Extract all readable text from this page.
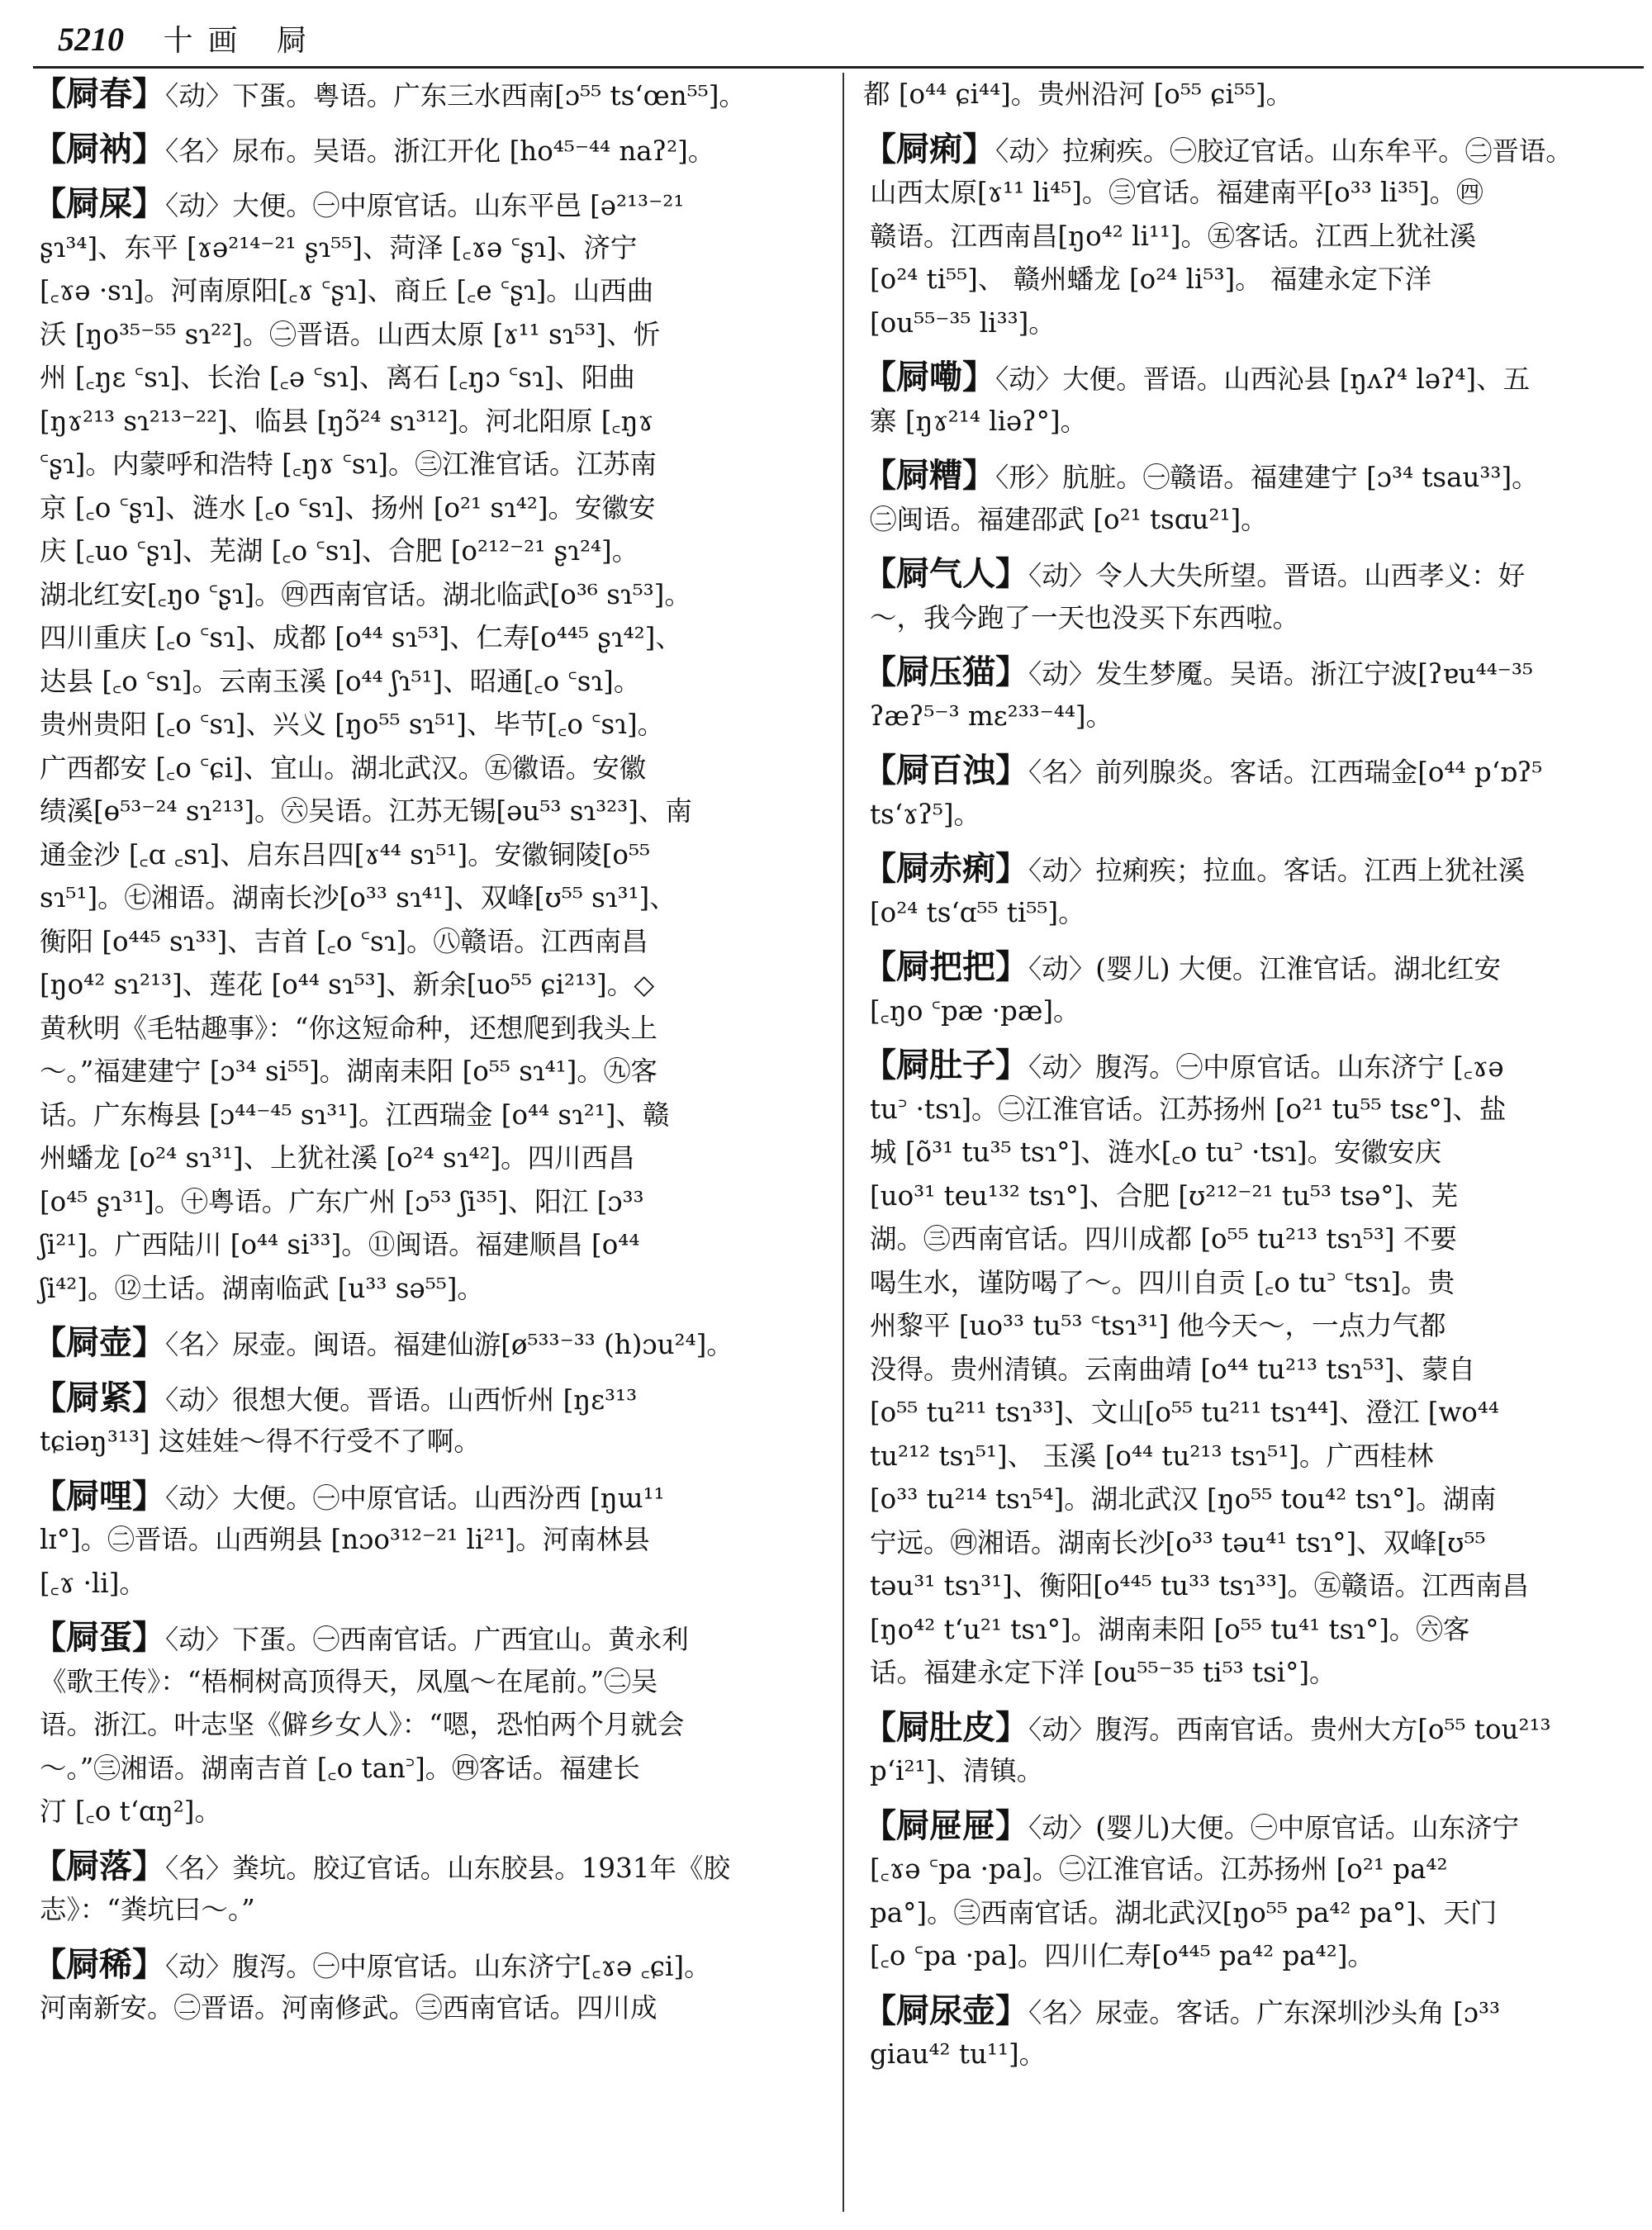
5210 十画 屙
【屙春】〈动〉下蛋。粤语。广东三水西南[ɔ⁵⁵ tsʻœn⁵⁵]。
【屙衲】〈名〉尿布。吴语。浙江开化 [ho⁴⁵⁻⁴⁴ naʔ²]。
【屙屎】〈动〉大便。㊀中原官话。山东平邑 [ə²¹³⁻²¹
ʂɿ³⁴]、东平 [ɤə²¹⁴⁻²¹ ʂɿ⁵⁵]、菏泽 [꜀ɤə ꜂ʂɿ]、济宁
[꜀ɤə ·sɿ]。河南原阳[꜀ɤ ꜂ʂɿ]、商丘 [꜀e ꜂ʂɿ]。山西曲
沃 [ŋo³⁵⁻⁵⁵ sɿ²²]。㊁晋语。山西太原 [ɤ¹¹ sɿ⁵³]、忻
州 [꜀ŋɛ ꜂sɿ]、长治 [꜀ə ꜂sɿ]、离石 [꜀ŋɔ ꜂sɿ]、阳曲
[ŋɤ²¹³ sɿ²¹³⁻²²]、临县 [ŋɔ̃²⁴ sɿ³¹²]。河北阳原 [꜀ŋɤ
꜂ʂɿ]。内蒙呼和浩特 [꜀ŋɤ ꜂sɿ]。㊂江淮官话。江苏南
京 [꜀o ꜂ʂɿ]、涟水 [꜀o ꜂sɿ]、扬州 [o²¹ sɿ⁴²]。安徽安
庆 [꜀uo ꜂ʂɿ]、芜湖 [꜀o ꜂sɿ]、合肥 [o²¹²⁻²¹ ʂɿ²⁴]。
湖北红安[꜀ŋo ꜂ʂɿ]。㊃西南官话。湖北临武[o³⁶ sɿ⁵³]。
四川重庆 [꜀o ꜂sɿ]、成都 [o⁴⁴ sɿ⁵³]、仁寿[o⁴⁴⁵ ʂɿ⁴²]、
达县 [꜀o ꜂sɿ]。云南玉溪 [o⁴⁴ ʃɿ⁵¹]、昭通[꜀o ꜂sɿ]。
贵州贵阳 [꜀o ꜂sɿ]、兴义 [ŋo⁵⁵ sɿ⁵¹]、毕节[꜀o ꜂sɿ]。
广西都安 [꜀o ꜂ɕi]、宜山。湖北武汉。㊄徽语。安徽
绩溪[ɵ⁵³⁻²⁴ sɿ²¹³]。㊅吴语。江苏无锡[əu⁵³ sɿ³²³]、南
通金沙 [꜀ɑ ꜀sɿ]、启东吕四[ɤ⁴⁴ sɿ⁵¹]。安徽铜陵[o⁵⁵
sɿ⁵¹]。㊆湘语。湖南长沙[o³³ sɿ⁴¹]、双峰[ʊ⁵⁵ sɿ³¹]、
衡阳 [o⁴⁴⁵ sɿ³³]、吉首 [꜀o ꜂sɿ]。㊇赣语。江西南昌
[ŋo⁴² sɿ²¹³]、莲花 [o⁴⁴ sɿ⁵³]、新余[uo⁵⁵ ɕi²¹³]。◇
黄秋明《毛牯趣事》：“你这短命种，还想爬到我头上
～。”福建建宁 [ɔ³⁴ si⁵⁵]。湖南耒阳 [o⁵⁵ sɿ⁴¹]。㊈客
话。广东梅县 [ɔ⁴⁴⁻⁴⁵ sɿ³¹]。江西瑞金 [o⁴⁴ sɿ²¹]、赣
州蟠龙 [o²⁴ sɿ³¹]、上犹社溪 [o²⁴ sɿ⁴²]。四川西昌
[o⁴⁵ ʂɿ³¹]。㊉粤语。广东广州 [ɔ⁵³ ʃi³⁵]、阳江 [ɔ³³
ʃi²¹]。广西陆川 [o⁴⁴ si³³]。⑪闽语。福建顺昌 [o⁴⁴
ʃi⁴²]。⑫土话。湖南临武 [u³³ sə⁵⁵]。
【屙壶】〈名〉尿壶。闽语。福建仙游[ø⁵³³⁻³³ (h)ɔu²⁴]。
【屙紧】〈动〉很想大便。晋语。山西忻州 [ŋɛ³¹³
tɕiəŋ³¹³] 这娃娃～得不行受不了啊。
【屙哩】〈动〉大便。㊀中原官话。山西汾西 [ŋɯ¹¹
lɪ°]。㊁晋语。山西朔县 [nɔo³¹²⁻²¹ li²¹]。河南林县
[꜀ɤ ·li]。
【屙蛋】〈动〉下蛋。㊀西南官话。广西宜山。黄永利
《歌王传》：“梧桐树高顶得天，凤凰～在尾前。”㊁吴
语。浙江。叶志坚《僻乡女人》：“嗯，恐怕两个月就会
～。”㊂湘语。湖南吉首 [꜀o tan꜄]。㊃客话。福建长
汀 [꜀o tʻɑŋ²]。
【屙落】〈名〉粪坑。胶辽官话。山东胶县。1931年《胶
志》：“粪坑曰～。”
【屙稀】〈动〉腹泻。㊀中原官话。山东济宁[꜀ɤə ꜀ɕi]。
河南新安。㊁晋语。河南修武。㊂西南官话。四川成
都 [o⁴⁴ ɕi⁴⁴]。贵州沿河 [o⁵⁵ ɕi⁵⁵]。
【屙痢】〈动〉拉痢疾。㊀胶辽官话。山东牟平。㊁晋语。
山西太原[ɤ¹¹ li⁴⁵]。㊂官话。福建南平[o³³ li³⁵]。㊃
赣语。江西南昌[ŋo⁴² li¹¹]。㊄客话。江西上犹社溪
[o²⁴ ti⁵⁵]、 赣州蟠龙 [o²⁴ li⁵³]。 福建永定下洋
[ou⁵⁵⁻³⁵ li³³]。
【屙嘞】〈动〉大便。晋语。山西沁县 [ŋʌʔ⁴ ləʔ⁴]、五
寨 [ŋɤ²¹⁴ liəʔ°]。
【屙糟】〈形〉肮脏。㊀赣语。福建建宁 [ɔ³⁴ tsau³³]。
㊁闽语。福建邵武 [o²¹ tsɑu²¹]。
【屙气人】〈动〉令人大失所望。晋语。山西孝义：好
～，我今跑了一天也没买下东西啦。
【屙压猫】〈动〉发生梦魇。吴语。浙江宁波[ʔɐu⁴⁴⁻³⁵
ʔæʔ⁵⁻³ mɛ²³³⁻⁴⁴]。
【屙百浊】〈名〉前列腺炎。客话。江西瑞金[o⁴⁴ pʻɒʔ⁵
tsʻɤʔ⁵]。
【屙赤痢】〈动〉拉痢疾；拉血。客话。江西上犹社溪
[o²⁴ tsʻɑ⁵⁵ ti⁵⁵]。
【屙把把】〈动〉(婴儿) 大便。江淮官话。湖北红安
[꜀ŋo ꜂pæ ·pæ]。
【屙肚子】〈动〉腹泻。㊀中原官话。山东济宁 [꜀ɤə
tu꜄ ·tsɿ]。㊁江淮官话。江苏扬州 [o²¹ tu⁵⁵ tsɛ°]、盐
城 [õ³¹ tu³⁵ tsɿ°]、涟水[꜀o tu꜄ ·tsɿ]。安徽安庆
[uo³¹ teu¹³² tsɿ°]、合肥 [ʊ²¹²⁻²¹ tu⁵³ tsə°]、芜
湖。㊂西南官话。四川成都 [o⁵⁵ tu²¹³ tsɿ⁵³] 不要
喝生水，谨防喝了～。四川自贡 [꜀o tu꜄ ꜂tsɿ]。贵
州黎平 [uo³³ tu⁵³ ꜂tsɿ³¹] 他今天～，一点力气都
没得。贵州清镇。云南曲靖 [o⁴⁴ tu²¹³ tsɿ⁵³]、蒙自
[o⁵⁵ tu²¹¹ tsɿ³³]、文山[o⁵⁵ tu²¹¹ tsɿ⁴⁴]、澄江 [wo⁴⁴
tu²¹² tsɿ⁵¹]、 玉溪 [o⁴⁴ tu²¹³ tsɿ⁵¹]。广西桂林
[o³³ tu²¹⁴ tsɿ⁵⁴]。湖北武汉 [ŋo⁵⁵ tou⁴² tsɿ°]。湖南
宁远。㊃湘语。湖南长沙[o³³ təu⁴¹ tsɿ°]、双峰[ʊ⁵⁵
təu³¹ tsɿ³¹]、衡阳[o⁴⁴⁵ tu³³ tsɿ³³]。㊄赣语。江西南昌
[ŋo⁴² tʻu²¹ tsɿ°]。湖南耒阳 [o⁵⁵ tu⁴¹ tsɿ°]。㊅客
话。福建永定下洋 [ou⁵⁵⁻³⁵ ti⁵³ tsi°]。
【屙肚皮】〈动〉腹泻。西南官话。贵州大方[o⁵⁵ tou²¹³
pʻi²¹]、清镇。
【屙屉屉】〈动〉(婴儿)大便。㊀中原官话。山东济宁
[꜀ɤə ꜂pa ·pa]。㊁江淮官话。江苏扬州 [o²¹ pa⁴²
pa°]。㊂西南官话。湖北武汉[ŋo⁵⁵ pa⁴² pa°]、天门
[꜀o ꜂pa ·pa]。四川仁寿[o⁴⁴⁵ pa⁴² pa⁴²]。
【屙尿壶】〈名〉尿壶。客话。广东深圳沙头角 [ɔ³³
giau⁴² tu¹¹]。
